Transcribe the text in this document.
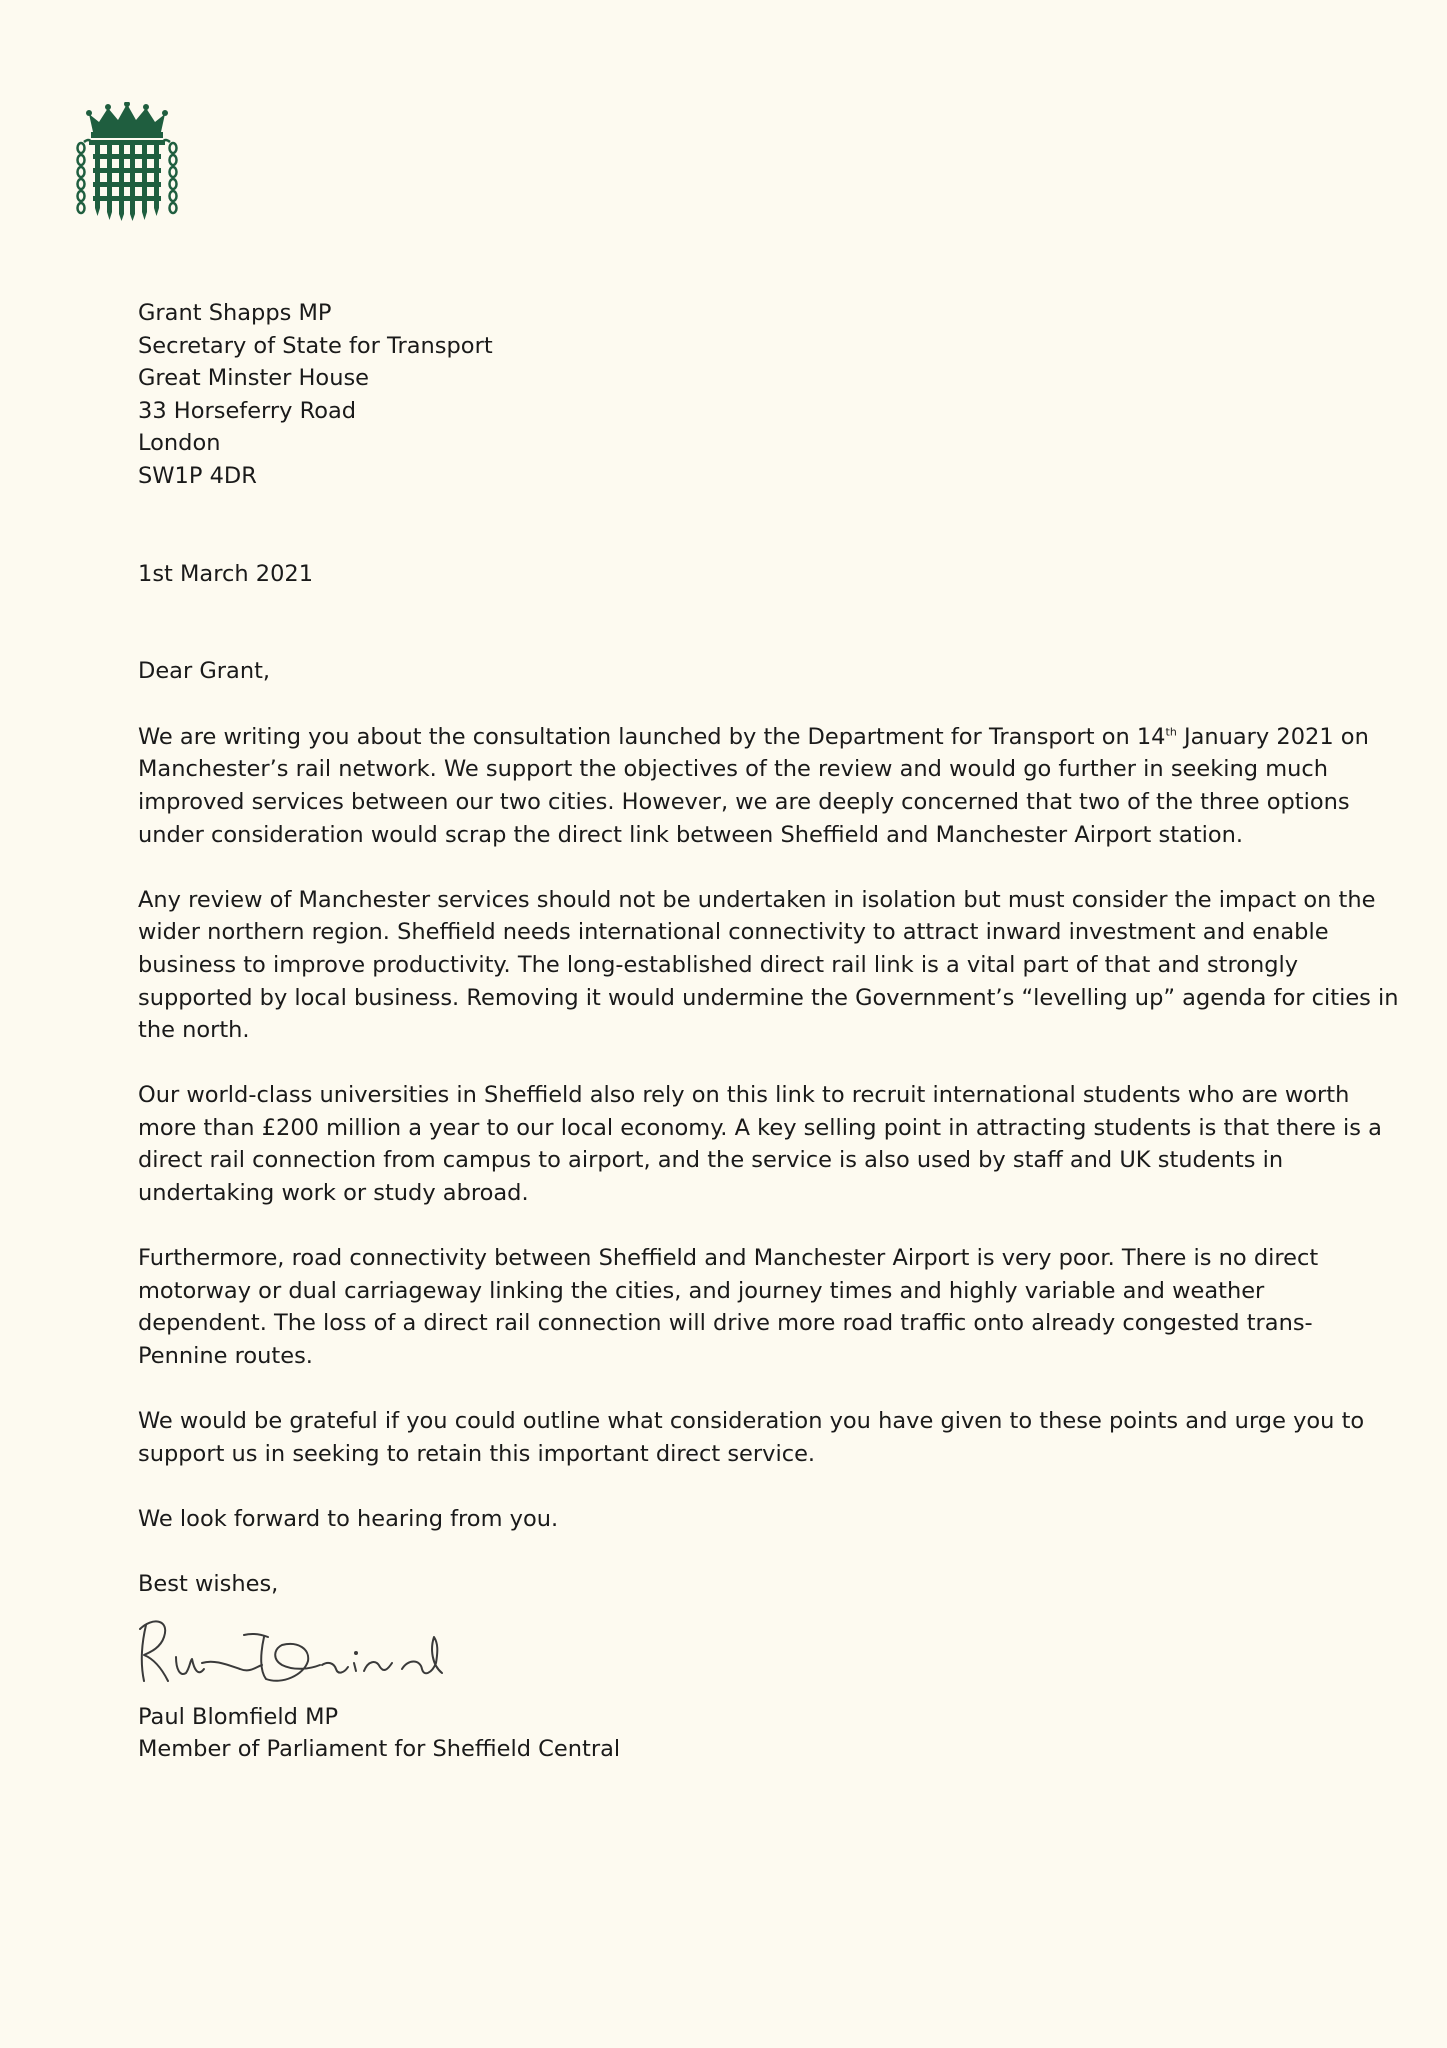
Grant Shapps MP
Secretary of State for Transport
Great Minster House
33 Horseferry Road
London
SW1P 4DR
1st March 2021
Dear Grant,
We are writing you about the consultation launched by the Department for Transport on 14th January 2021 on
Manchester’s rail network. We support the objectives of the review and would go further in seeking much
improved services between our two cities. However, we are deeply concerned that two of the three options
under consideration would scrap the direct link between Sheffield and Manchester Airport station.
Any review of Manchester services should not be undertaken in isolation but must consider the impact on the
wider northern region. Sheffield needs international connectivity to attract inward investment and enable
business to improve productivity. The long-established direct rail link is a vital part of that and strongly
supported by local business. Removing it would undermine the Government’s “levelling up” agenda for cities in
the north.
Our world-class universities in Sheffield also rely on this link to recruit international students who are worth
more than £200 million a year to our local economy. A key selling point in attracting students is that there is a
direct rail connection from campus to airport, and the service is also used by staff and UK students in
undertaking work or study abroad.
Furthermore, road connectivity between Sheffield and Manchester Airport is very poor. There is no direct
motorway or dual carriageway linking the cities, and journey times and highly variable and weather
dependent. The loss of a direct rail connection will drive more road traffic onto already congested trans-
Pennine routes.
We would be grateful if you could outline what consideration you have given to these points and urge you to
support us in seeking to retain this important direct service.
We look forward to hearing from you.
Best wishes,
Paul Blomfield MP
Member of Parliament for Sheffield Central
